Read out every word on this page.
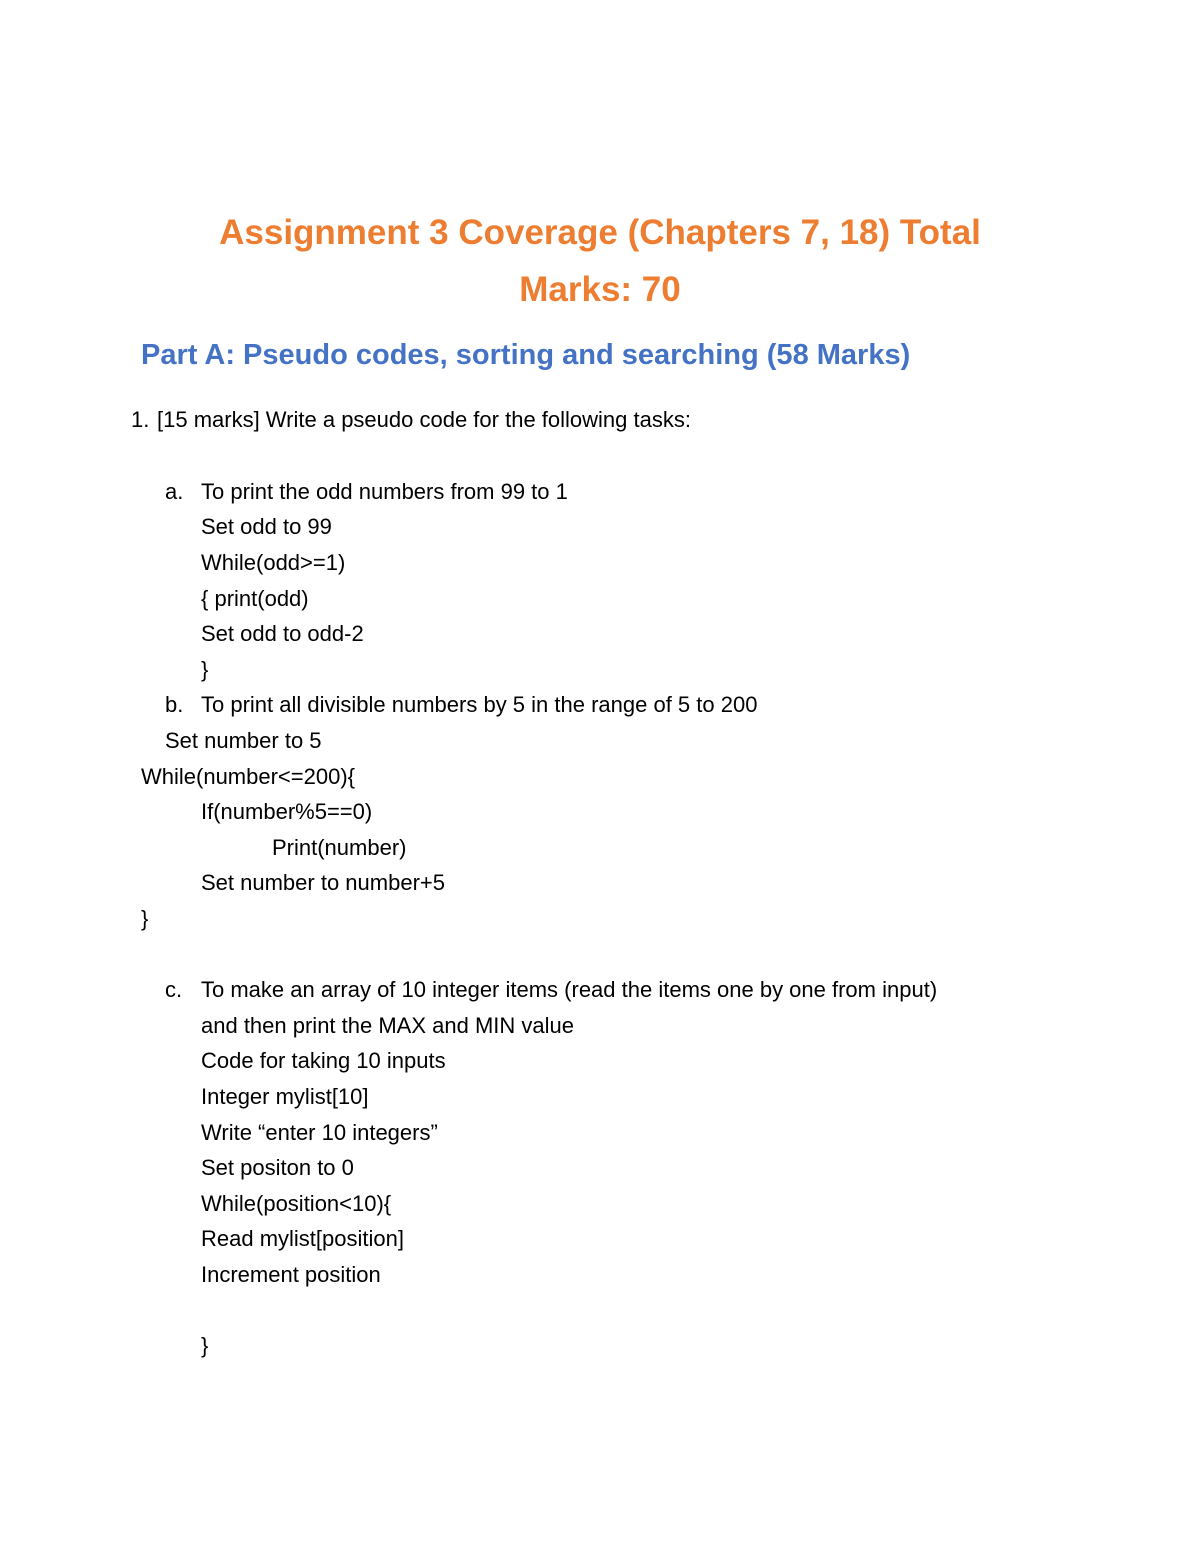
Assignment 3 Coverage (Chapters 7, 18) Total
Marks: 70
Part A: Pseudo codes, sorting and searching (58 Marks)
1. [15 marks] Write a pseudo code for the following tasks:
a. To print the odd numbers from 99 to 1
Set odd to 99
While(odd>=1)
{ print(odd)
Set odd to odd-2
}
b. To print all divisible numbers by 5 in the range of 5 to 200
Set number to 5
While(number<=200){
If(number%5==0)
Print(number)
Set number to number+5
}
c. To make an array of 10 integer items (read the items one by one from input)
and then print the MAX and MIN value
Code for taking 10 inputs
Integer mylist[10]
Write “enter 10 integers”
Set positon to 0
While(position<10){
Read mylist[position]
Increment position
}
